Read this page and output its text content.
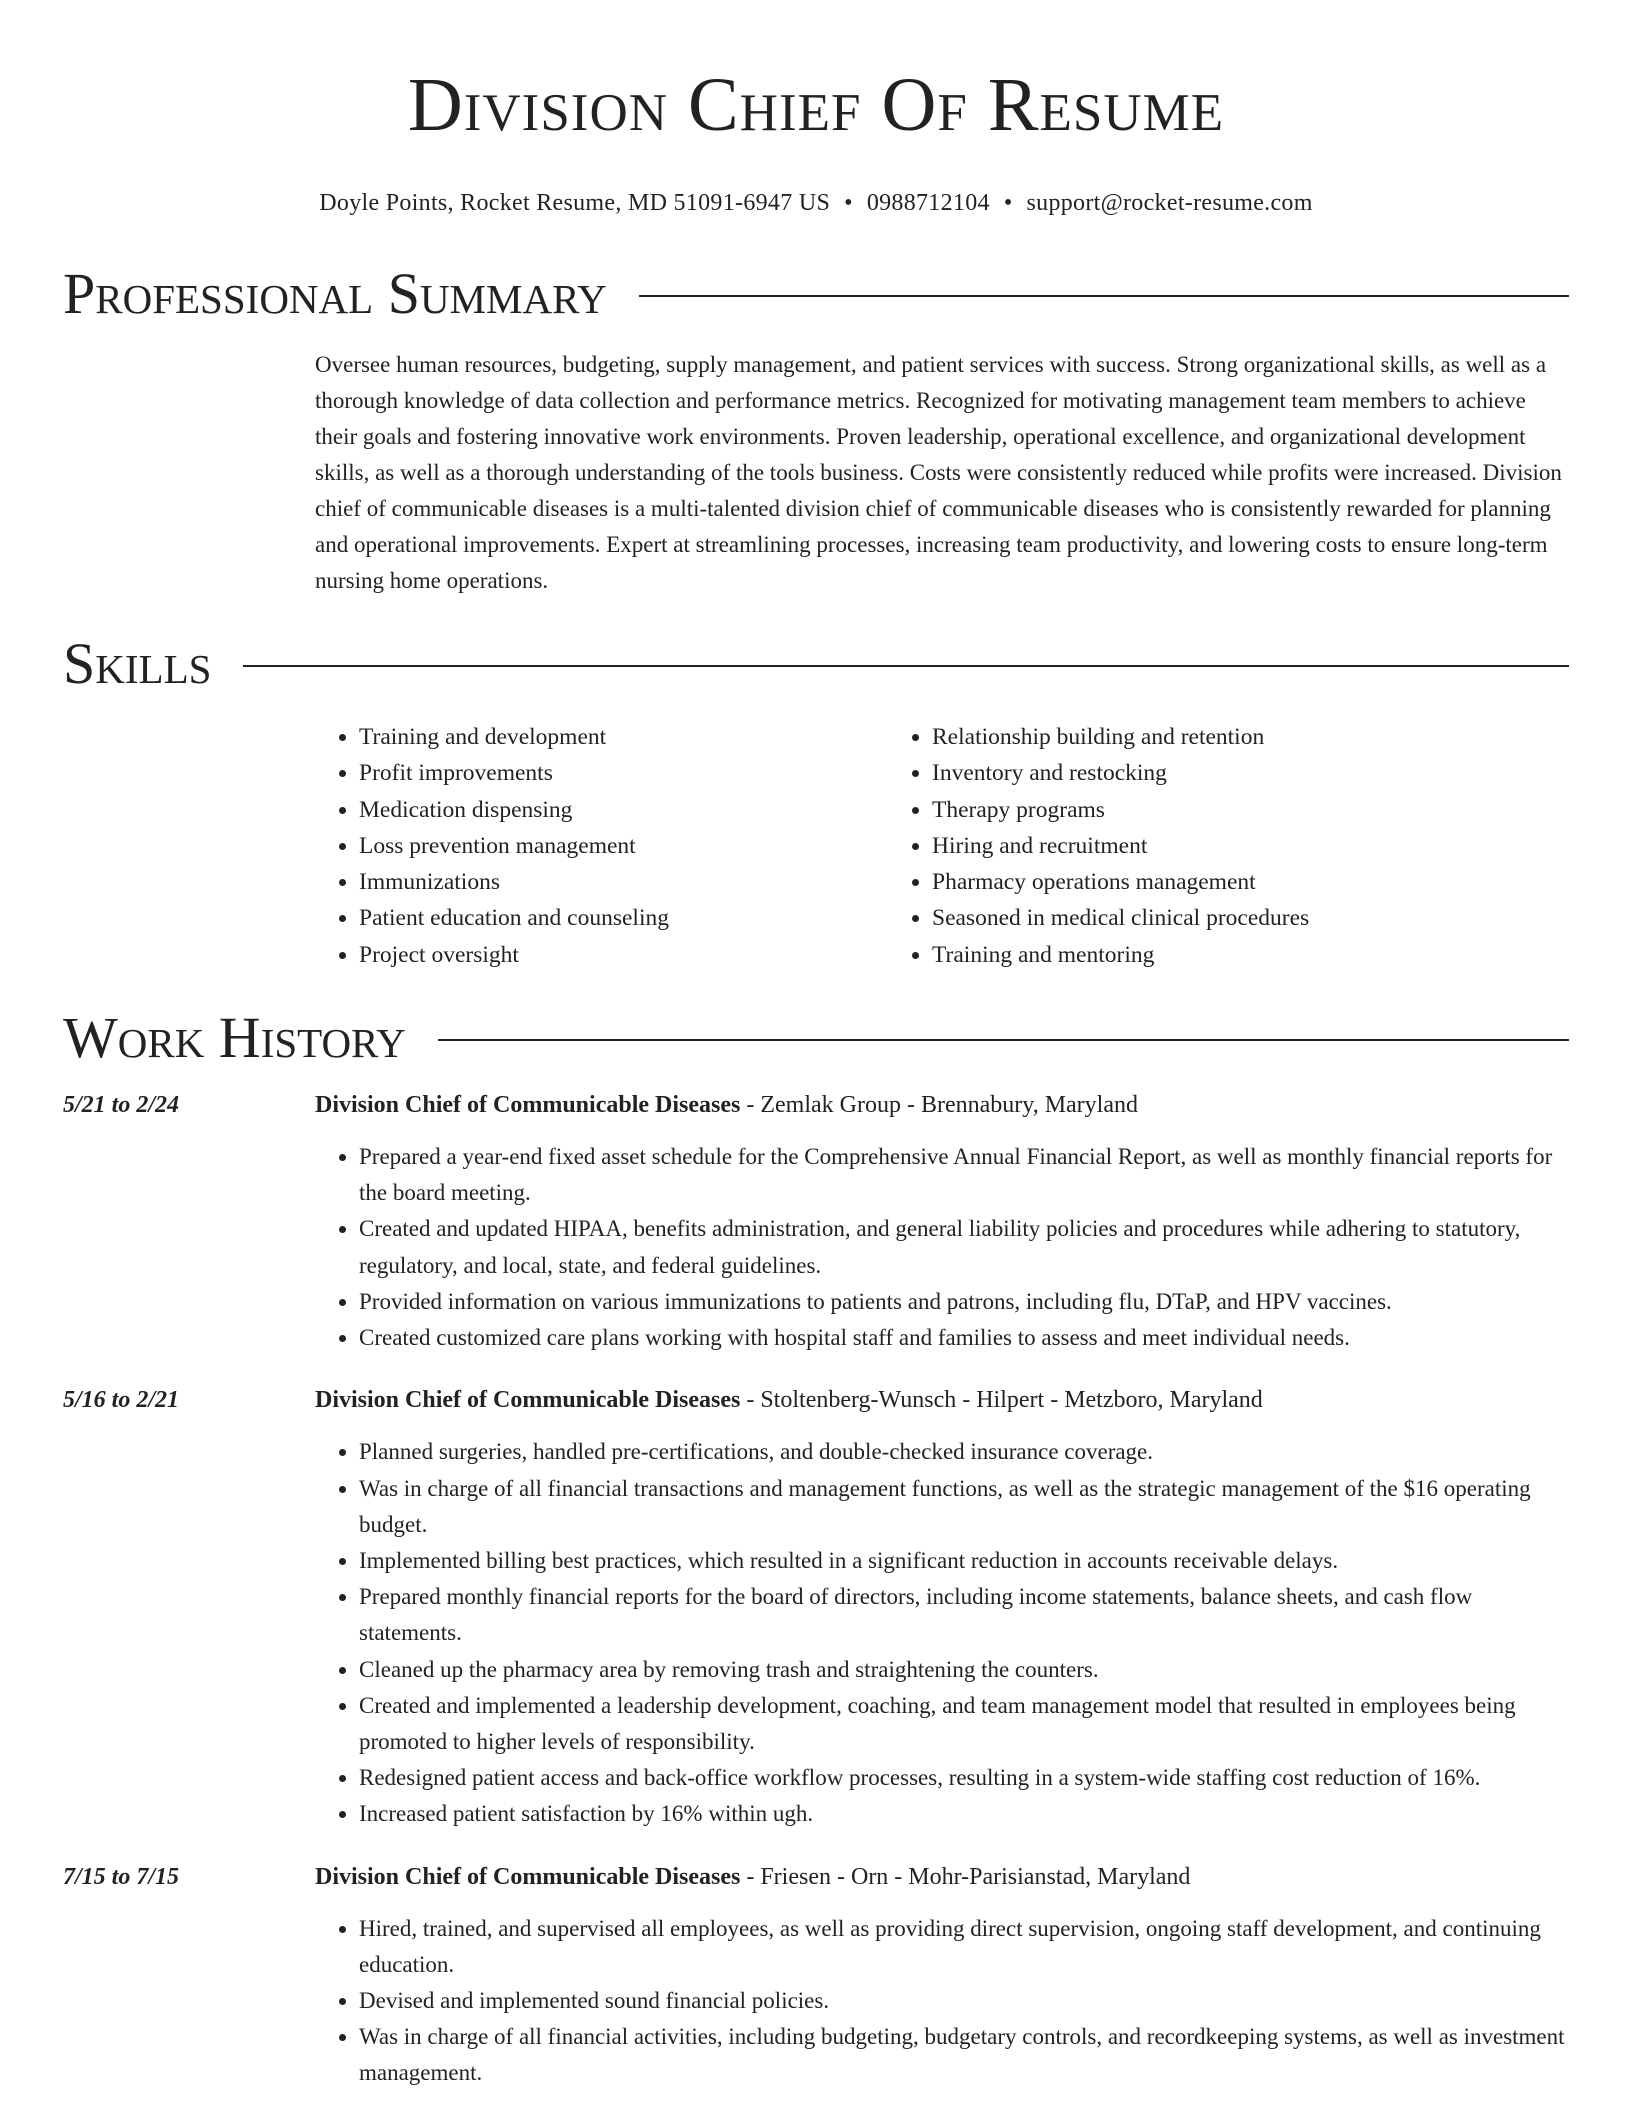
Division Chief Of Resume
Doyle Points, Rocket Resume, MD 51091-6947 US • 0988712104 • support@rocket-resume.com
Professional Summary

Oversee human resources, budgeting, supply management, and patient services with success. Strong organizational skills, as well as a thorough knowledge of data collection and performance metrics. Recognized for motivating management team members to achieve their goals and fostering innovative work environments. Proven leadership, operational excellence, and organizational development skills, as well as a thorough understanding of the tools business. Costs were consistently reduced while profits were increased. Division chief of communicable diseases is a multi-talented division chief of communicable diseases who is consistently rewarded for planning and operational improvements. Expert at streamlining processes, increasing team productivity, and lowering costs to ensure long-term nursing home operations.

Skills
• Training and development
• Profit improvements
• Medication dispensing
• Loss prevention management
• Immunizations
• Patient education and counseling
• Project oversight
• Relationship building and retention
• Inventory and restocking
• Therapy programs
• Hiring and recruitment
• Pharmacy operations management
• Seasoned in medical clinical procedures
• Training and mentoring
Work History
5/21 to 2/24	Division Chief of Communicable Diseases - Zemlak Group - Brennabury, Maryland
• Prepared a year-end fixed asset schedule for the Comprehensive Annual Financial Report, as well as monthly financial reports for the board meeting.
• Created and updated HIPAA, benefits administration, and general liability policies and procedures while adhering to statutory, regulatory, and local, state, and federal guidelines.
• Provided information on various immunizations to patients and patrons, including flu, DTaP, and HPV vaccines.
• Created customized care plans working with hospital staff and families to assess and meet individual needs.
5/16 to 2/21	Division Chief of Communicable Diseases - Stoltenberg-Wunsch - Hilpert - Metzboro, Maryland
• Planned surgeries, handled pre-certifications, and double-checked insurance coverage.
• Was in charge of all financial transactions and management functions, as well as the strategic management of the $16 operating budget.
• Implemented billing best practices, which resulted in a significant reduction in accounts receivable delays.
• Prepared monthly financial reports for the board of directors, including income statements, balance sheets, and cash flow statements.
• Cleaned up the pharmacy area by removing trash and straightening the counters.
• Created and implemented a leadership development, coaching, and team management model that resulted in employees being promoted to higher levels of responsibility.
• Redesigned patient access and back-office workflow processes, resulting in a system-wide staffing cost reduction of 16%.
• Increased patient satisfaction by 16% within ugh.
7/15 to 7/15	Division Chief of Communicable Diseases - Friesen - Orn - Mohr-Parisianstad, Maryland
• Hired, trained, and supervised all employees, as well as providing direct supervision, ongoing staff development, and continuing education.
• Devised and implemented sound financial policies.
• Was in charge of all financial activities, including budgeting, budgetary controls, and recordkeeping systems, as well as investment management.
